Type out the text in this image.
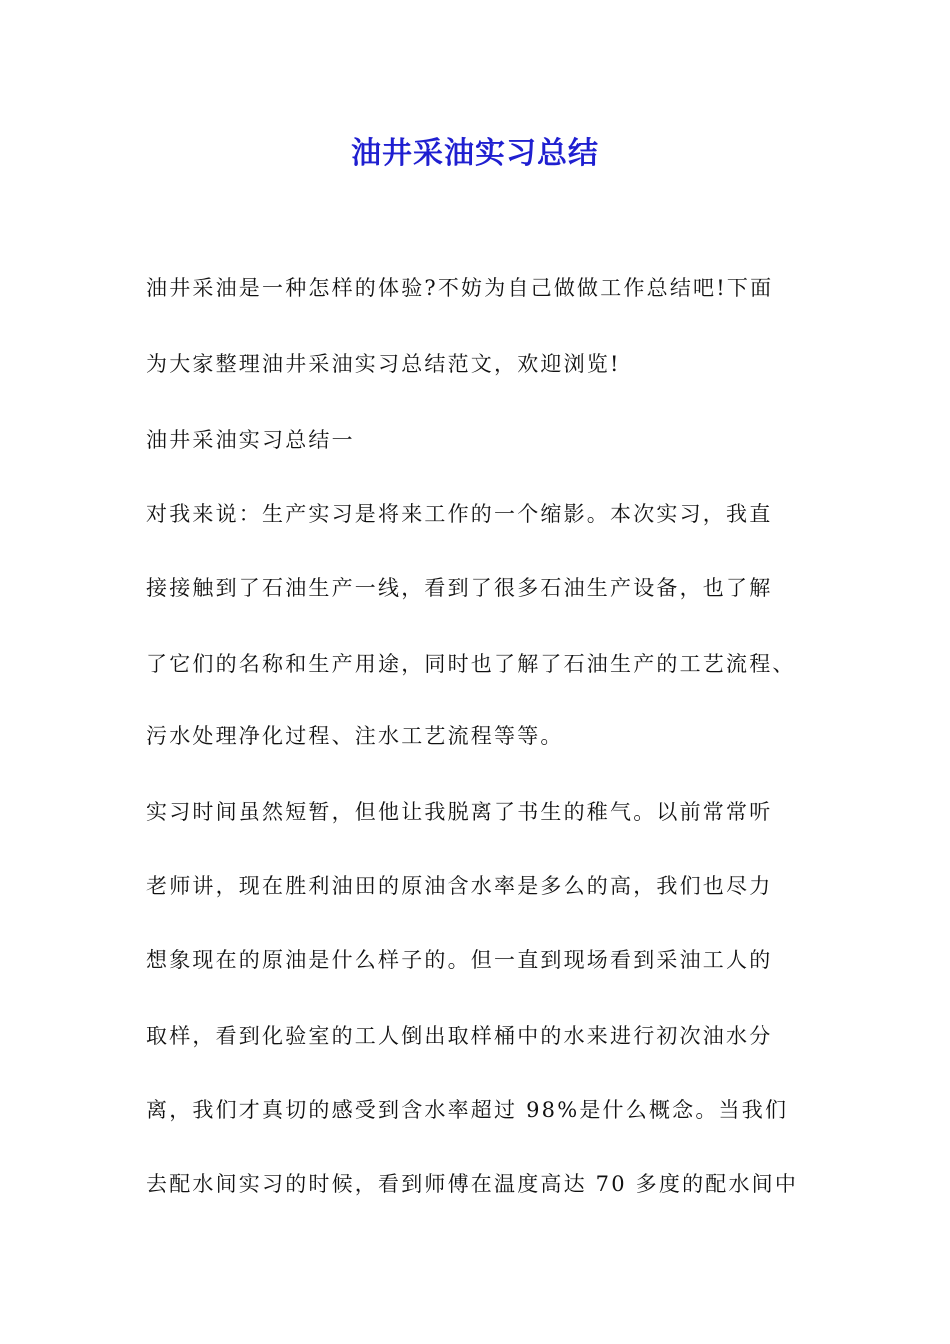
油井采油实习总结

油井采油是一种怎样的体验?不妨为自己做做工作总结吧!下面

为大家整理油井采油实习总结范文，欢迎浏览!

油井采油实习总结一

对我来说：生产实习是将来工作的一个缩影。本次实习，我直

接接触到了石油生产一线，看到了很多石油生产设备，也了解

了它们的名称和生产用途，同时也了解了石油生产的工艺流程、

污水处理净化过程、注水工艺流程等等。

实习时间虽然短暂，但他让我脱离了书生的稚气。以前常常听

老师讲，现在胜利油田的原油含水率是多么的高，我们也尽力

想象现在的原油是什么样子的。但一直到现场看到采油工人的

取样，看到化验室的工人倒出取样桶中的水来进行初次油水分

离，我们才真切的感受到含水率超过 98%是什么概念。当我们

去配水间实习的时候，看到师傅在温度高达 70 多度的配水间中
